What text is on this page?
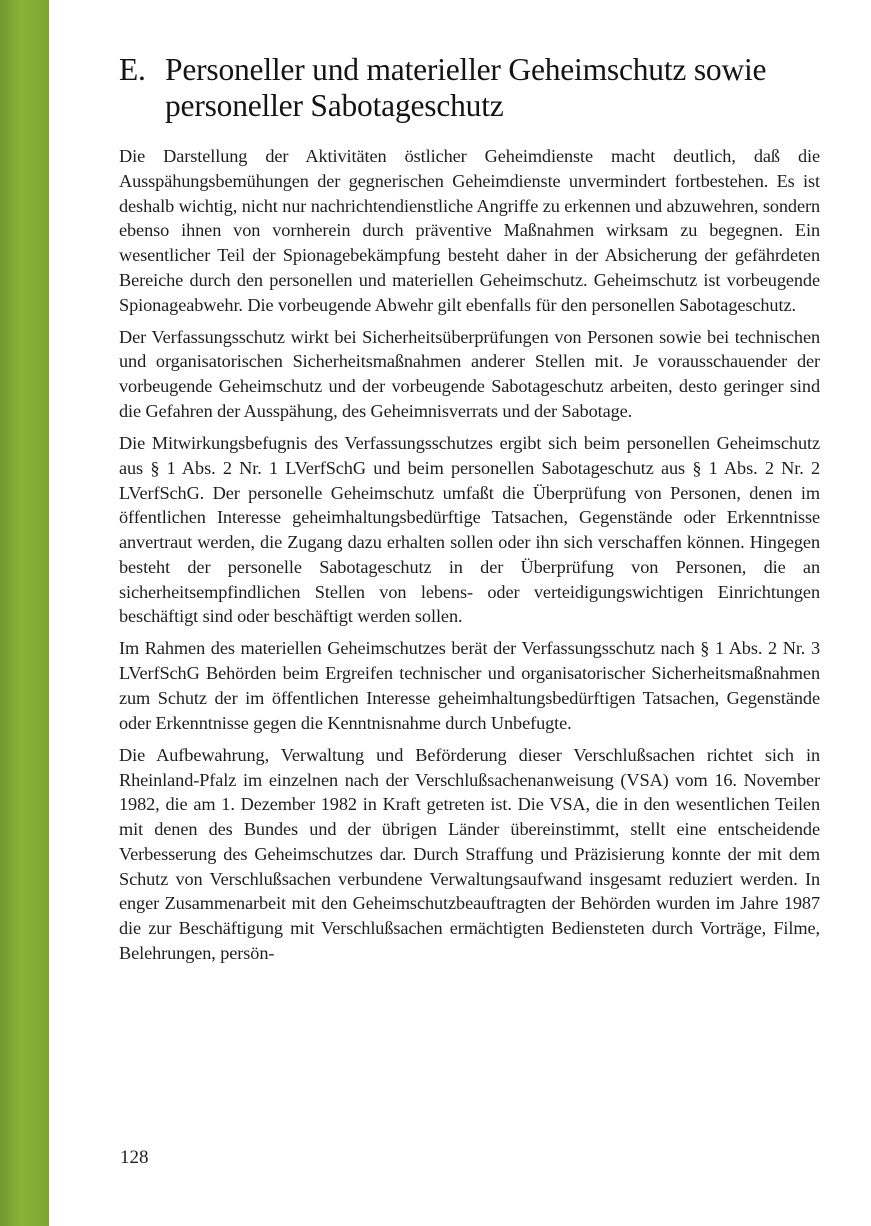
E. Personeller und materieller Geheimschutz sowie personeller Sabotageschutz

Die Darstellung der Aktivitäten östlicher Geheimdienste macht deutlich, daß die Ausspähungsbemühungen der gegnerischen Geheimdienste unvermindert fortbestehen. Es ist deshalb wichtig, nicht nur nachrichtendienstliche Angriffe zu erkennen und abzuwehren, sondern ebenso ihnen von vornherein durch präventive Maßnahmen wirksam zu begegnen. Ein wesentlicher Teil der Spionagebekämpfung besteht daher in der Absicherung der gefährdeten Bereiche durch den personellen und materiellen Geheimschutz. Geheimschutz ist vorbeugende Spionageabwehr. Die vorbeugende Abwehr gilt ebenfalls für den personellen Sabotageschutz.

Der Verfassungsschutz wirkt bei Sicherheitsüberprüfungen von Personen sowie bei technischen und organisatorischen Sicherheitsmaßnahmen anderer Stellen mit. Je vorausschauender der vorbeugende Geheimschutz und der vorbeugende Sabotageschutz arbeiten, desto geringer sind die Gefahren der Ausspähung, des Geheimnisverrats und der Sabotage.

Die Mitwirkungsbefugnis des Verfassungsschutzes ergibt sich beim personellen Geheimschutz aus § 1 Abs. 2 Nr. 1 LVerfSchG und beim personellen Sabotageschutz aus § 1 Abs. 2 Nr. 2 LVerfSchG. Der personelle Geheimschutz umfaßt die Überprüfung von Personen, denen im öffentlichen Interesse geheimhaltungsbedürftige Tatsachen, Gegenstände oder Erkenntnisse anvertraut werden, die Zugang dazu erhalten sollen oder ihn sich verschaffen können. Hingegen besteht der personelle Sabotageschutz in der Überprüfung von Personen, die an sicherheitsempfindlichen Stellen von lebens- oder verteidigungswichtigen Einrichtungen beschäftigt sind oder beschäftigt werden sollen.

Im Rahmen des materiellen Geheimschutzes berät der Verfassungsschutz nach § 1 Abs. 2 Nr. 3 LVerfSchG Behörden beim Ergreifen technischer und organisatorischer Sicherheitsmaßnahmen zum Schutz der im öffentlichen Interesse geheimhaltungsbedürftigen Tatsachen, Gegenstände oder Erkenntnisse gegen die Kenntnisnahme durch Unbefugte.

Die Aufbewahrung, Verwaltung und Beförderung dieser Verschlußsachen richtet sich in Rheinland-Pfalz im einzelnen nach der Verschlußsachenanweisung (VSA) vom 16. November 1982, die am 1. Dezember 1982 in Kraft getreten ist. Die VSA, die in den wesentlichen Teilen mit denen des Bundes und der übrigen Länder übereinstimmt, stellt eine entscheidende Verbesserung des Geheimschutzes dar. Durch Straffung und Präzisierung konnte der mit dem Schutz von Verschlußsachen verbundene Verwaltungsaufwand insgesamt reduziert werden. In enger Zusammenarbeit mit den Geheimschutzbeauftragten der Behörden wurden im Jahre 1987 die zur Beschäftigung mit Verschlußsachen ermächtigten Bediensteten durch Vorträge, Filme, Belehrungen, persön-

128
